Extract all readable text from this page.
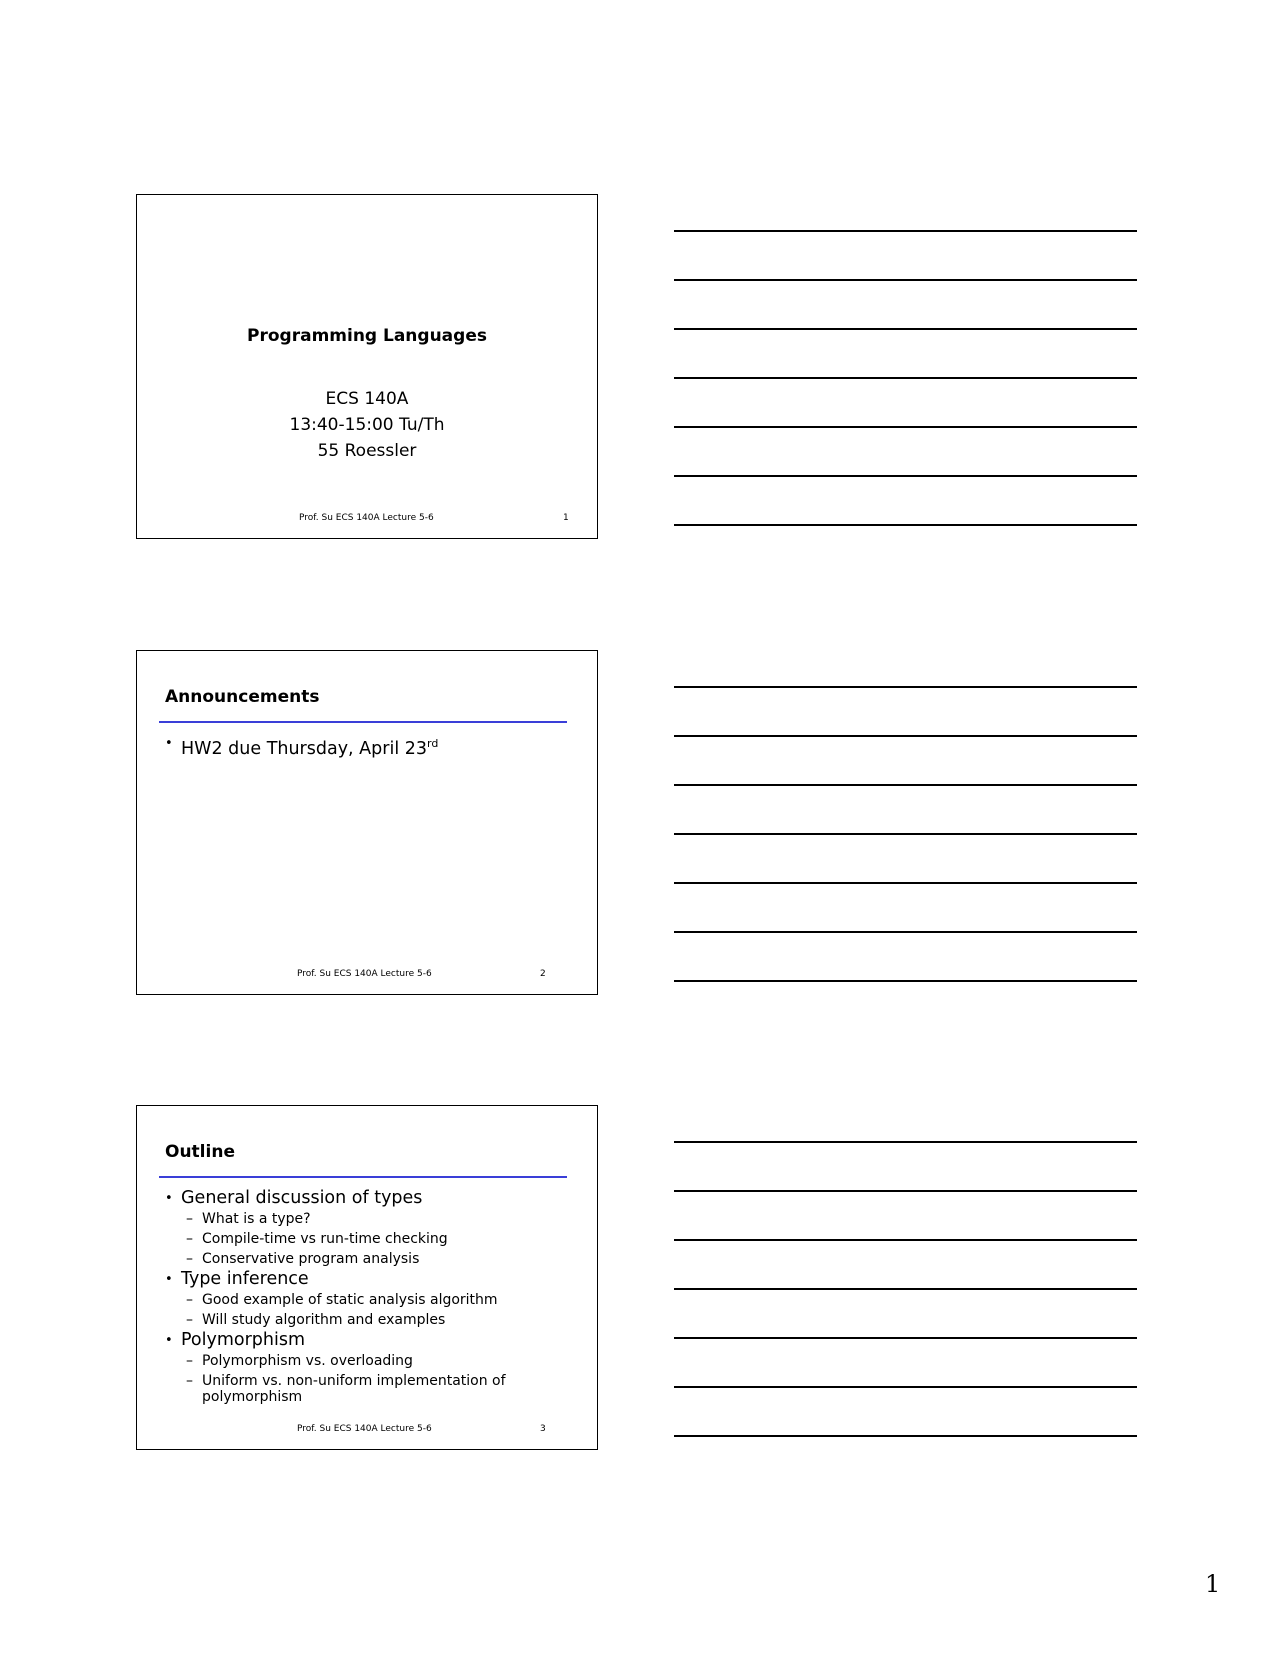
Programming Languages
ECS 140A
13:40-15:00 Tu/Th
55 Roessler
Prof. Su ECS 140A Lecture 5-6	1
Announcements
• HW2 due Thursday, April 23rd
Prof. Su ECS 140A Lecture 5-6	2
Outline
• General discussion of types
– What is a type?
– Compile-time vs run-time checking
– Conservative program analysis
• Type inference
– Good example of static analysis algorithm
– Will study algorithm and examples
• Polymorphism
– Polymorphism vs. overloading
– Uniform vs. non-uniform implementation of polymorphism
Prof. Su ECS 140A Lecture 5-6	3
1
